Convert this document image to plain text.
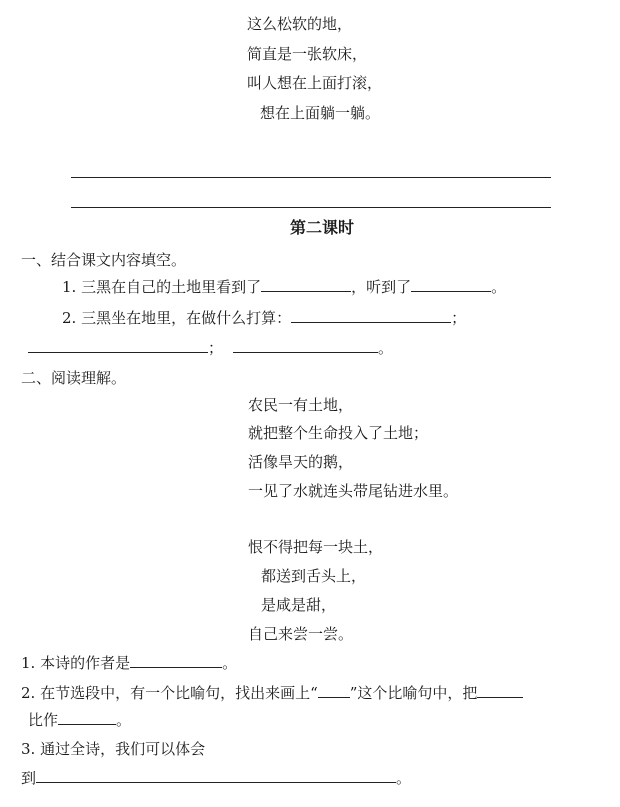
这么松软的地，
简直是一张软床，
叫人想在上面打滚，
想在上面躺一躺。
第二课时
一、结合课文内容填空。
1. 三黑在自己的土地里看到了	，听到了	。
2. 三黑坐在地里，在做什么打算：	；
；	。
二、阅读理解。
农民一有土地，
就把整个生命投入了土地；
活像旱天的鹅，
一见了水就连头带尾钻进水里。
恨不得把每一块土，
都送到舌头上，
是咸是甜，
自己来尝一尝。
1. 本诗的作者是	。
2. 在节选段中，有一个比喻句，找出来画上“ ”这个比喻句中，把
比作	。
3. 通过全诗，我们可以体会
到	。
